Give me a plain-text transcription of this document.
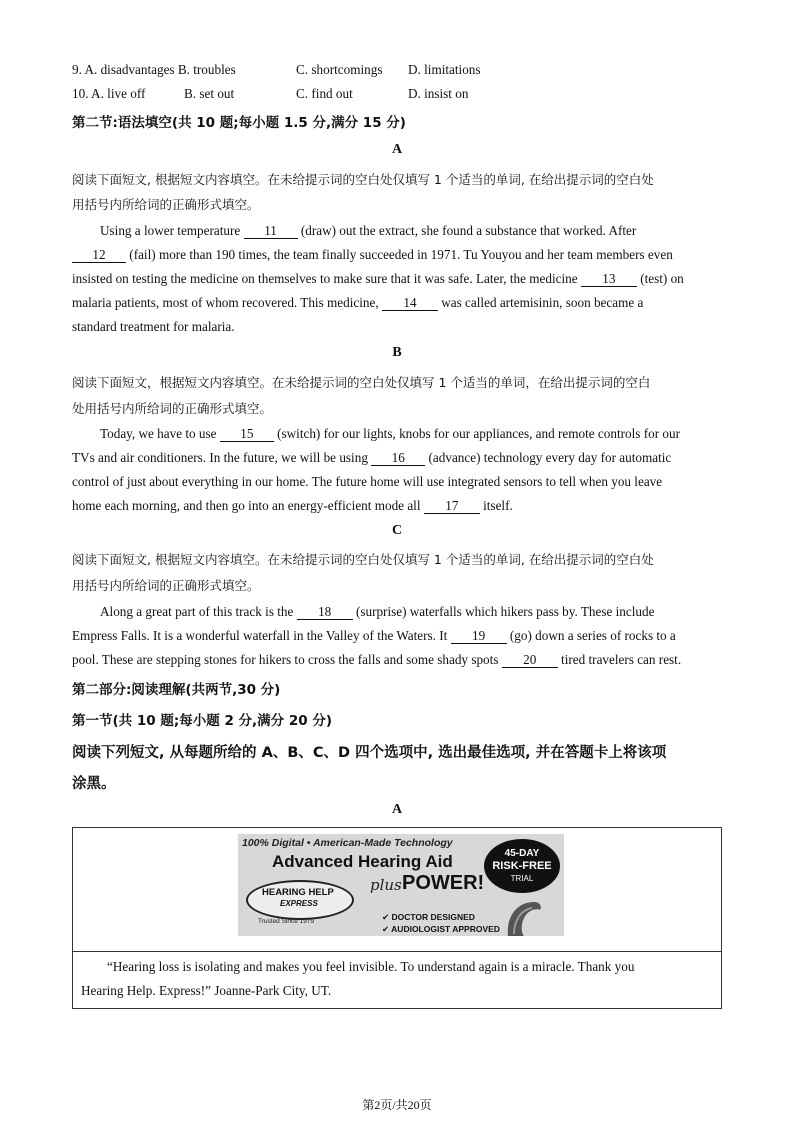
9. A. disadvantages B. troubles	C. shortcomings D. limitations
10. A. live off	B. set out	C. find out	D. insist on
第二节:语法填空(共 10 题;每小题 1.5 分,满分 15 分)
A
阅读下面短文, 根据短文内容填空。在未给提示词的空白处仅填写 1 个适当的单词, 在给出提示词的空白处
用括号内所给词的正确形式填空。
Using a lower temperature 11 (draw) out the extract, she found a substance that worked. After
12 (fail) more than 190 times, the team finally succeeded in 1971. Tu Youyou and her team members even
insisted on testing the medicine on themselves to make sure that it was safe. Later, the medicine 13 (test) on
malaria patients, most of whom recovered. This medicine, 14 was called artemisinin, soon became a
standard treatment for malaria.
B
阅读下面短文，根据短文内容填空。在未给提示词的空白处仅填写 1 个适当的单词，在给出提示词的空白
处用括号内所给词的正确形式填空。
Today, we have to use 15 (switch) for our lights, knobs for our appliances, and remote controls for our
TVs and air conditioners. In the future, we will be using 16 (advance) technology every day for automatic
control of just about everything in our home. The future home will use integrated sensors to tell when you leave
home each morning, and then go into an energy-efficient mode all 17 itself.
C
阅读下面短文, 根据短文内容填空。在未给提示词的空白处仅填写 1 个适当的单词, 在给出提示词的空白处
用括号内所给词的正确形式填空。
Along a great part of this track is the 18 (surprise) waterfalls which hikers pass by. These include
Empress Falls. It is a wonderful waterfall in the Valley of the Waters. It 19 (go) down a series of rocks to a
pool. These are stepping stones for hikers to cross the falls and some shady spots 20 tired travelers can rest.
第二部分:阅读理解(共两节,30 分)
第一节(共 10 题;每小题 2 分,满分 20 分)
阅读下列短文, 从每题所给的 A、B、C、D 四个选项中, 选出最佳选项, 并在答题卡上将该项
涂黑。
A
100% Digital • American-Made Technology
Advanced Hearing Aid
plus POWER!
HEARING HELP
EXPRESS
Trusted Since 1979
45-DAY
RISK-FREE
TRIAL
✔ DOCTOR DESIGNED
✔ AUDIOLOGIST APPROVED
“Hearing loss is isolating and makes you feel invisible. To understand again is a miracle. Thank you
Hearing Help. Express!” Joanne-Park City, UT.
第2页/共20页
